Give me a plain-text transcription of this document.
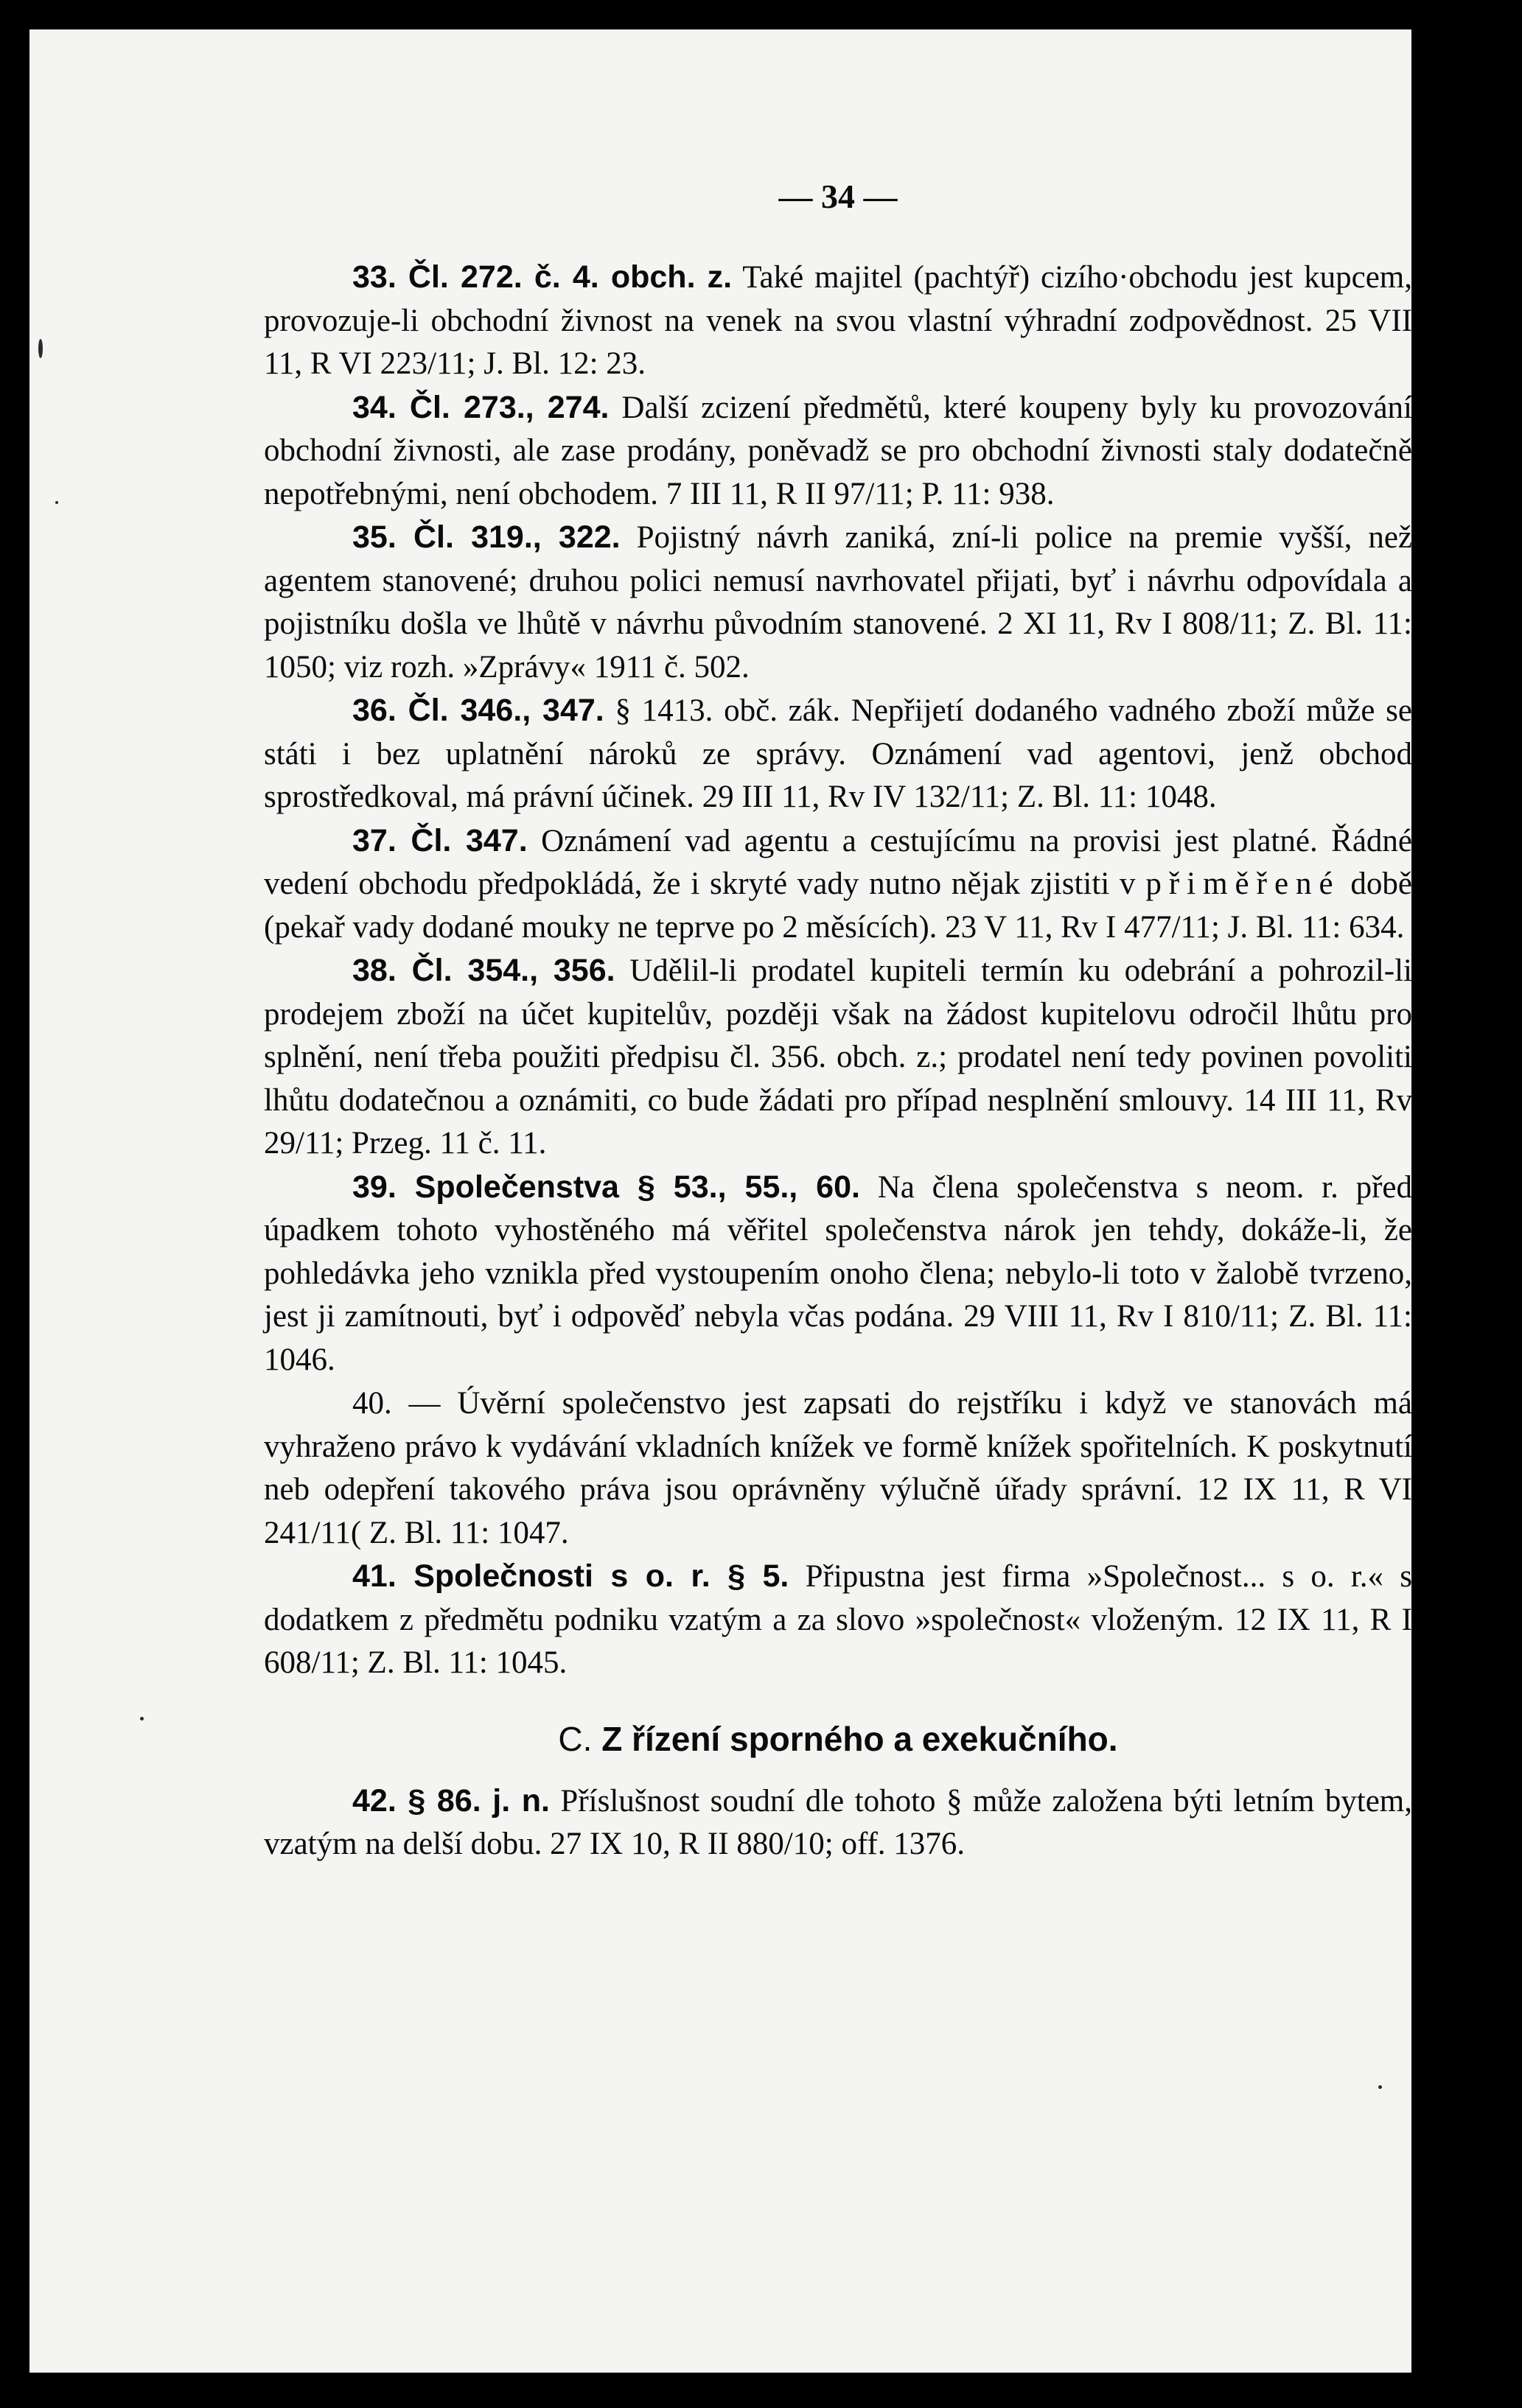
— 34 —

33. Čl. 272. č. 4. obch. z. Také majitel (pachtýř) cizího·obchodu jest kupcem, provozuje-li obchodní živnost na venek na svou vlastní výhradní zodpovědnost. 25 VII 11, R VI 223/11; J. Bl. 12: 23.

34. Čl. 273., 274. Další zcizení předmětů, které koupeny byly ku provozování obchodní živnosti, ale zase prodány, poněvadž se pro obchodní živnosti staly dodatečně nepotřebnými, není obchodem. 7 III 11, R II 97/11; P. 11: 938.

35. Čl. 319., 322. Pojistný návrh zaniká, zní-li police na premie vyšší, než agentem stanovené; druhou polici nemusí navrhovatel přijati, byť i návrhu odpovídala a pojistníku došla ve lhůtě v návrhu původním stanovené. 2 XI 11, Rv I 808/11; Z. Bl. 11: 1050; viz rozh. »Zprávy« 1911 č. 502.

36. Čl. 346., 347. § 1413. obč. zák. Nepřijetí dodaného vadného zboží může se státi i bez uplatnění nároků ze správy. Oznámení vad agentovi, jenž obchod sprostředkoval, má právní účinek. 29 III 11, Rv IV 132/11; Z. Bl. 11: 1048.

37. Čl. 347. Oznámení vad agentu a cestujícímu na provisi jest platné. Řádné vedení obchodu předpokládá, že i skryté vady nutno nějak zjistiti v přiměřené době (pekař vady dodané mouky ne teprve po 2 měsících). 23 V 11, Rv I 477/11; J. Bl. 11: 634.

38. Čl. 354., 356. Udělil-li prodatel kupiteli termín ku odebrání a pohrozil-li prodejem zboží na účet kupitelův, později však na žádost kupitelovu odročil lhůtu pro splnění, není třeba použiti předpisu čl. 356. obch. z.; prodatel není tedy povinen povoliti lhůtu dodatečnou a oznámiti, co bude žádati pro případ nesplnění smlouvy. 14 III 11, Rv 29/11; Przeg. 11 č. 11.

39. Společenstva § 53., 55., 60. Na člena společenstva s neom. r. před úpadkem tohoto vyhostěného má věřitel společenstva nárok jen tehdy, dokáže-li, že pohledávka jeho vznikla před vystoupením onoho člena; nebylo-li toto v žalobě tvrzeno, jest ji zamítnouti, byť i odpověď nebyla včas podána. 29 VIII 11, Rv I 810/11; Z. Bl. 11: 1046.

40. — Úvěrní společenstvo jest zapsati do rejstříku i když ve stanovách má vyhraženo právo k vydávání vkladních knížek ve formě knížek spořitelních. K poskytnutí neb odepření takového práva jsou oprávněny výlučně úřady správní. 12 IX 11, R VI 241/11( Z. Bl. 11: 1047.

41. Společnosti s o. r. § 5. Připustna jest firma »Společnost... s o. r.« s dodatkem z předmětu podniku vzatým a za slovo »společnost« vloženým. 12 IX 11, R I 608/11; Z. Bl. 11: 1045.

C. Z řízení sporného a exekučního.

42. § 86. j. n. Příslušnost soudní dle tohoto § může založena býti letním bytem, vzatým na delší dobu. 27 IX 10, R II 880/10; off. 1376.
